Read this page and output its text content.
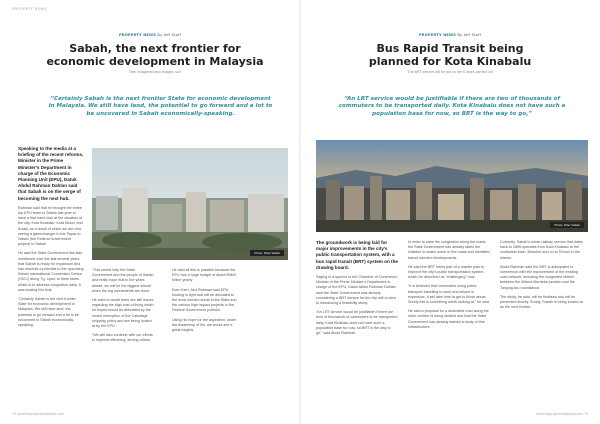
PROPERTY NEWS
PROPERTY NEWS By Jeff Staff
Sabah, the next frontier for economic development in Malaysia
Text: Imagened and Images: sun
“Certainly Sabah is the next frontier State for economic development in Malaysia. We still have land, the potential to go forward and a lot to be uncovered in Sabah economically-speaking.

Speaking to the media at a briefing of the recent reforms, Minister in the Prime Minister’s Department in charge of the Economic Planning Unit (EPU), Datuk Abdul Rahman Dahlan said that Sabah is on the verge of becoming the next hub.

Rahman said that he brought the entire top EPU team to Sabah last year to have a first hand look at the situation of the city, Kota Kinabalu, Kota Belud, and Kudat, as a result of which we are now seeing a gamechanger in the Papar to Sabah (the Federal Government project) to Sabah.

He said the State Government has also mentioned over the last several years that Sabah is ready for expansion and has reached a potential to the upcoming Sabah International Convention Centre (SICC) along Tg. Lipat; to three lanes which is to address congestion daily. It was looking into that.

“Certainly Sabah is the next frontier State for economic development in Malaysia. We still have land, the potential to go forward and a lot to be uncovered in Sabah economically-speaking.

Photo: Filter Sabah

“This needs help the State Government and the people of Sabah and really hope that in the years ahead, we will be the biggest winner when the big investments are done.

He said no doubt there are still issues regarding the high cost of living which he hoped would be alleviated by the recent exemption of the Cabotage shipping policy and are being looked at by the EPU.

“We will also continue with our efforts to improve efficiency, among others.

He said all this is possible because the EPU has a huge budget of about RM40 billion yearly.

Even then, Abd Rahman said EPU funding is tight and will be allocated to the most needed areas in the State and the various high impact projects in the Federal Government portfolio.

Using his hope for the aspiration, under the leadership of his, we would see a great heights.

74 www.theprojectsmalaysia.com
PROPERTY NEWS By Jeff Staff
Bus Rapid Transit being planned for Kota Kinabalu
The BRT service will be put on the 6 lanes carried out
“An LRT service would be justifiable if there are two of thousands of commuters to be transported daily. Kota Kinabalu does not have such a population base for now, so BRT is the way to go,”
Photo: Filter Sabah

The groundwork is being laid for major improvements in the city’s public transportation system, with a bus rapid transit (BRT) system on the drawing board.

Saying in a speech to the Chamber of Commerce, Minister in the Prime Minister’s Department in charge of the EPU, Datuk Abdul Rahman Dahlan said the State Government was already considering a BRT service for the city with a view to introducing a feasibility study.

“An LRT service would be justifiable if there are tens of thousands of commuters to be transported daily. Kota Kinabalu does not have such a population base for now, so BRT is the way to go,” said Abdul Rahman.

In order to ease the congestion along the roads, the State Government has already taken the initiative to widen some of the roads and identified transit oriented developments.

He said the BRT forms part of a master plan to improve the city’s public transportation system, which he described as “challenging” now.

“It is believed that commuters using public transport travelling to work and leisure is expensive. It will take time to get to those areas. Surely this is something worth looking at,” he said.

He said a proposal for a dedicated road along the main corridor is being studied and that the State Government has already started a study of this infrastructure.

Currently, Sabah’s urban railway service that dates back to 1896 operates from Kota Kinabalu to the southwest town, Beaufort and on to Tenom in the interior.

Abdul Rahman said the BRT is anticipated to commence with the improvement of the existing road network, including the congested stretch between the Wisma Merdeka junction and the Tanjung Aru roundabout.

The study, he said, will be finalised and will be presented shortly. Surely, Sabah is being looked at as the next frontier.

www.theprojectsmalaysia.com 75
